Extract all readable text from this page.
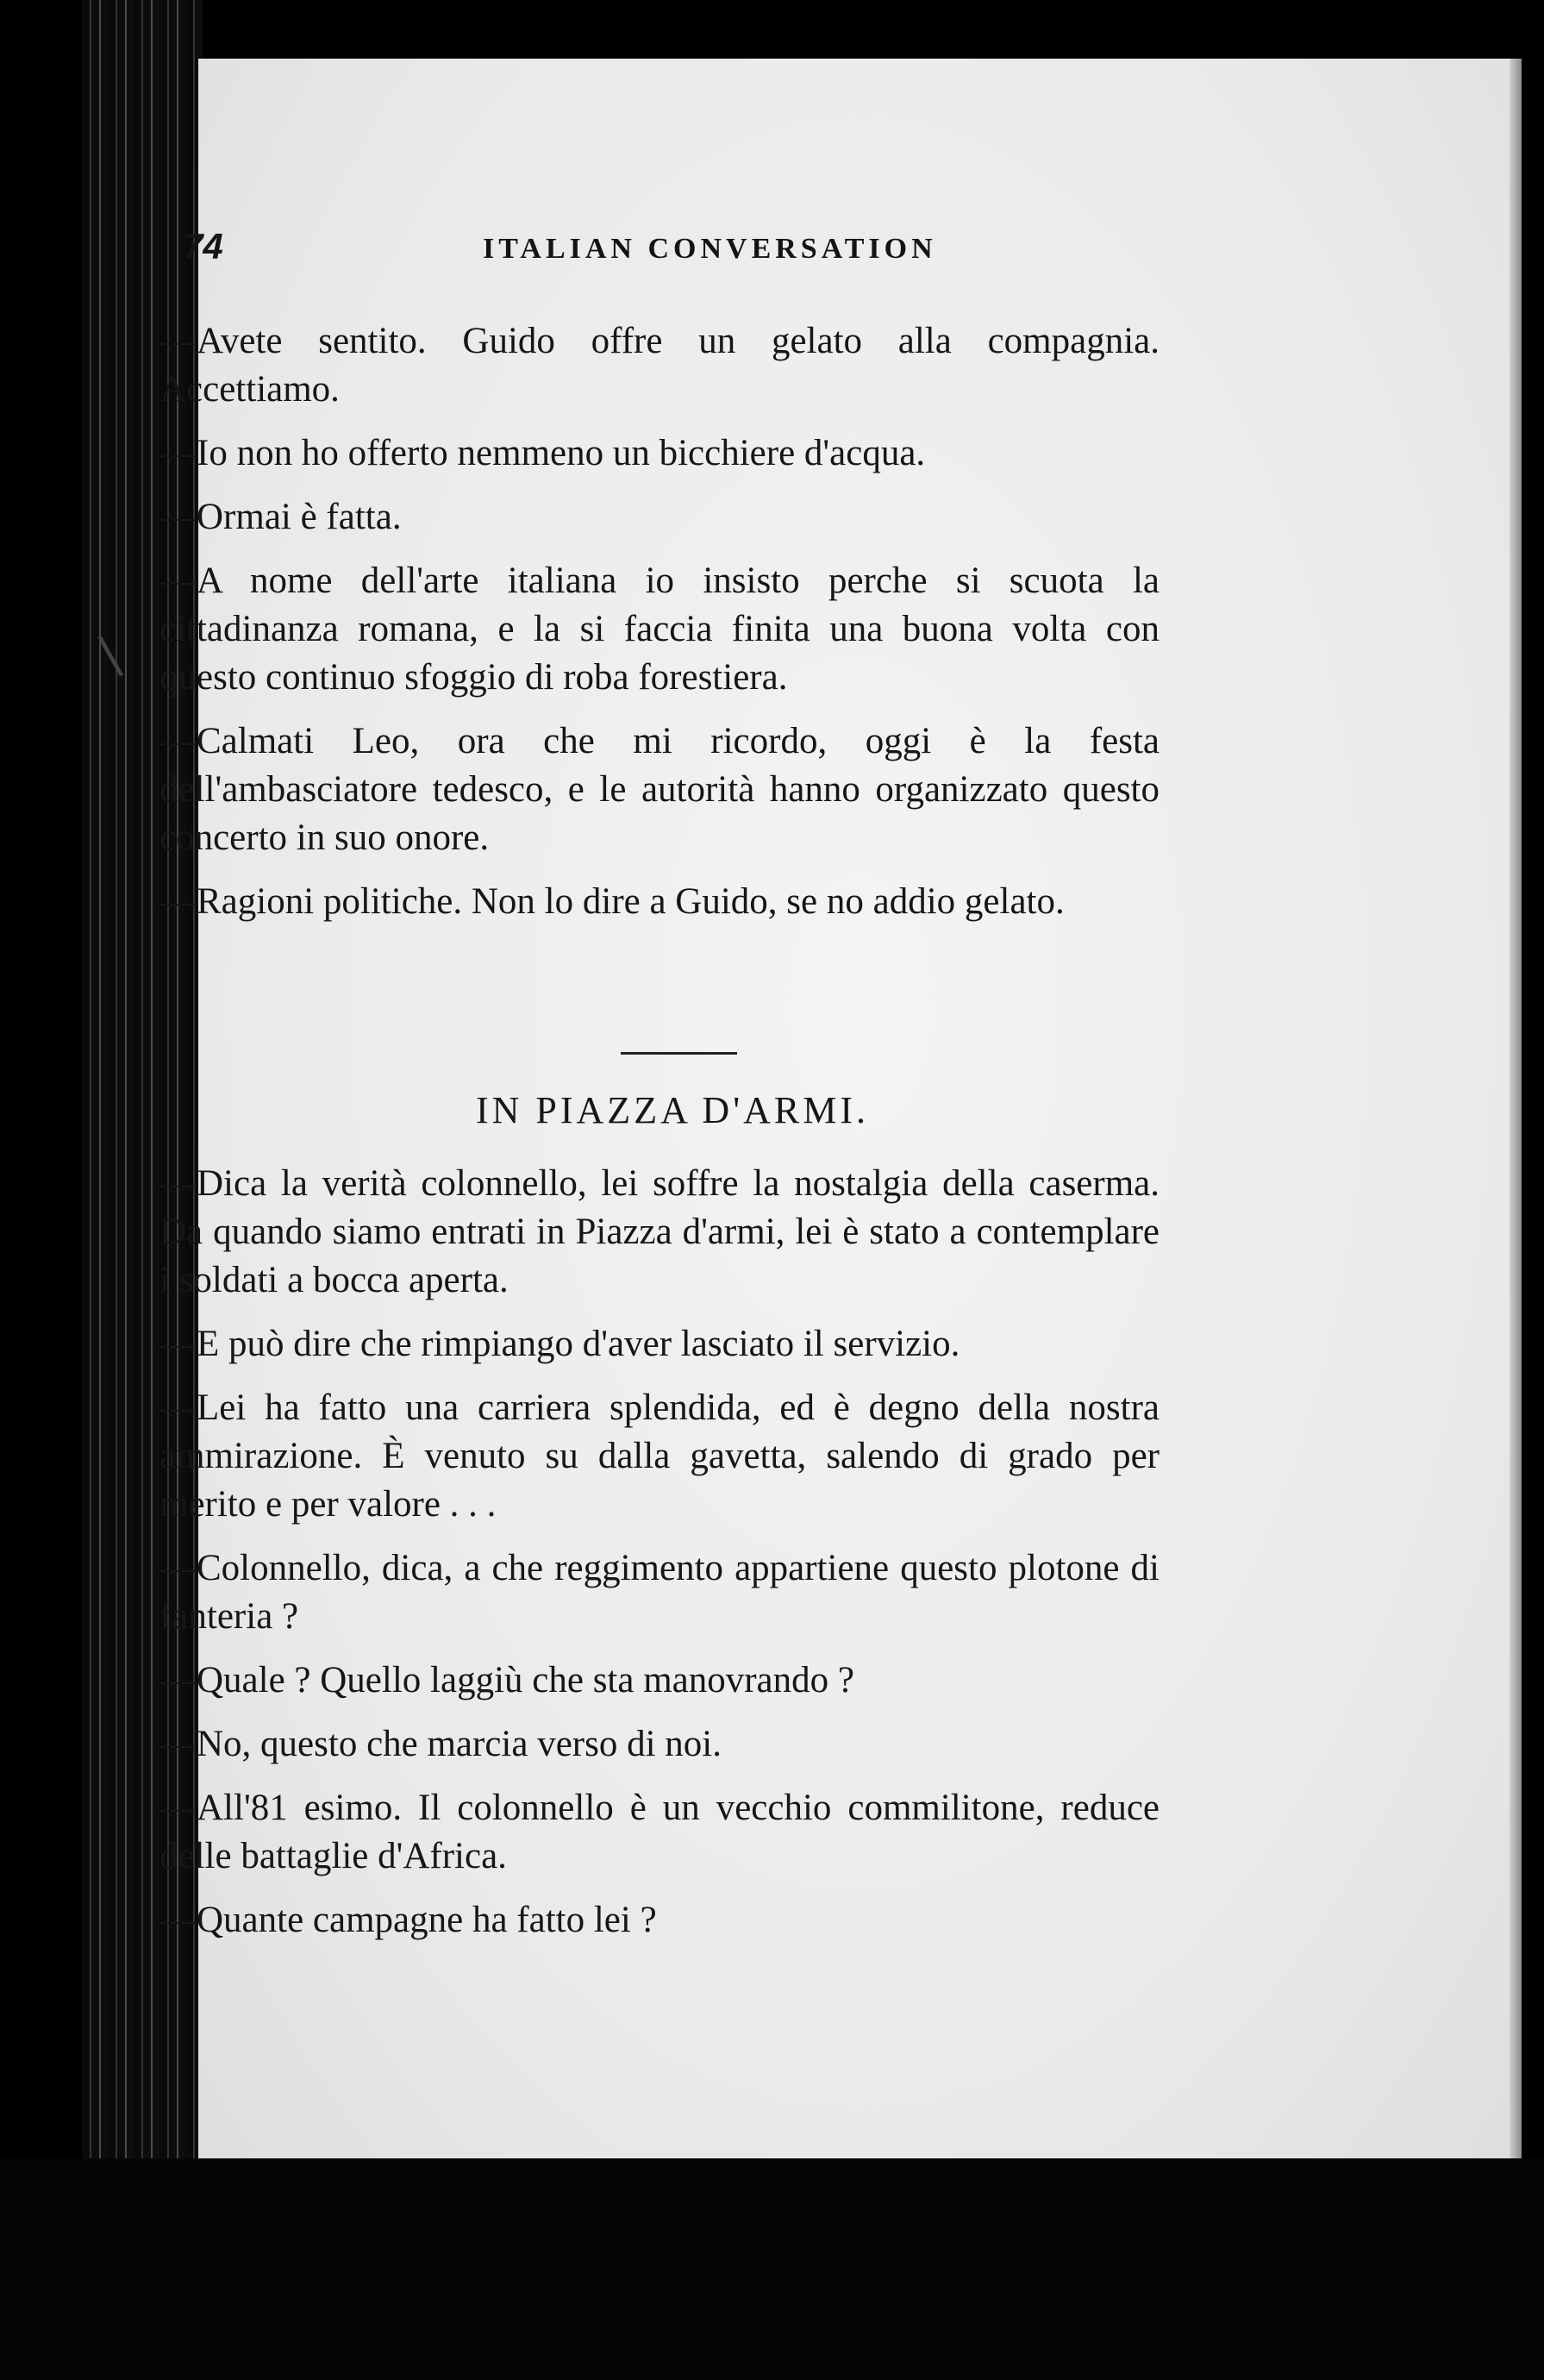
74	ITALIAN CONVERSATION
\

—Avete sentito. Guido offre un gelato alla compagnia. Accettiamo.

—Io non ho offerto nemmeno un bicchiere d'acqua.

—Ormai è fatta.

—A nome dell'arte italiana io insisto perche si scuota la cittadinanza romana, e la si faccia finita una buona volta con questo continuo sfoggio di roba forestiera.

—Calmati Leo, ora che mi ricordo, oggi è la festa dell'ambasciatore tedesco, e le autorità hanno organizzato questo concerto in suo onore.

—Ragioni politiche. Non lo dire a Guido, se no addio gelato.

IN PIAZZA D'ARMI.

—Dica la verità colonnello, lei soffre la nostalgia della caserma. Da quando siamo entrati in Piazza d'armi, lei è stato a contemplare i soldati a bocca aperta.

—E può dire che rimpiango d'aver lasciato il servizio.

—Lei ha fatto una carriera splendida, ed è degno della nostra ammirazione. È venuto su dalla gavetta, salendo di grado per merito e per valore . . .

—Colonnello, dica, a che reggimento appartiene questo plotone di fanteria ?

—Quale ? Quello laggiù che sta manovrando ?

—No, questo che marcia verso di noi.

—All'81 esimo. Il colonnello è un vecchio commilitone, reduce delle battaglie d'Africa.

—Quante campagne ha fatto lei ?
